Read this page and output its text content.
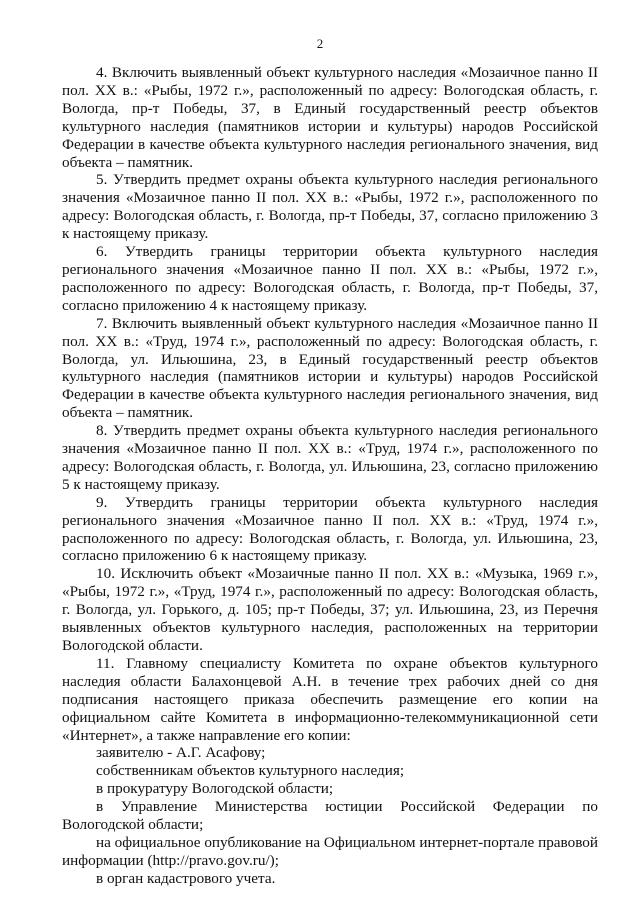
2

4. Включить выявленный объект культурного наследия «Мозаичное панно II пол. XX в.: «Рыбы, 1972 г.», расположенный по адресу: Вологодская область, г. Вологда, пр-т Победы, 37, в Единый государственный реестр объектов культурного наследия (памятников истории и культуры) народов Российской Федерации в качестве объекта культурного наследия регионального значения, вид объекта – памятник.

5. Утвердить предмет охраны объекта культурного наследия регионального значения «Мозаичное панно II пол. XX в.: «Рыбы, 1972 г.», расположенного по адресу: Вологодская область, г. Вологда, пр-т Победы, 37, согласно приложению 3 к настоящему приказу.

6. Утвердить границы территории объекта культурного наследия регионального значения «Мозаичное панно II пол. XX в.: «Рыбы, 1972 г.», расположенного по адресу: Вологодская область, г. Вологда, пр-т Победы, 37, согласно приложению 4 к настоящему приказу.

7. Включить выявленный объект культурного наследия «Мозаичное панно II пол. XX в.: «Труд, 1974 г.», расположенный по адресу: Вологодская область, г. Вологда, ул. Ильюшина, 23, в Единый государственный реестр объектов культурного наследия (памятников истории и культуры) народов Российской Федерации в качестве объекта культурного наследия регионального значения, вид объекта – памятник.

8. Утвердить предмет охраны объекта культурного наследия регионального значения «Мозаичное панно II пол. XX в.: «Труд, 1974 г.», расположенного по адресу: Вологодская область, г. Вологда, ул. Ильюшина, 23, согласно приложению 5 к настоящему приказу.

9. Утвердить границы территории объекта культурного наследия регионального значения «Мозаичное панно II пол. XX в.: «Труд, 1974 г.», расположенного по адресу: Вологодская область, г. Вологда, ул. Ильюшина, 23, согласно приложению 6 к настоящему приказу.

10. Исключить объект «Мозаичные панно II пол. XX в.: «Музыка, 1969 г.», «Рыбы, 1972 г.», «Труд, 1974 г.», расположенный по адресу: Вологодская область, г. Вологда, ул. Горького, д. 105; пр-т Победы, 37; ул. Ильюшина, 23, из Перечня выявленных объектов культурного наследия, расположенных на территории Вологодской области.

11. Главному специалисту Комитета по охране объектов культурного наследия области Балахонцевой А.Н. в течение трех рабочих дней со дня подписания настоящего приказа обеспечить размещение его копии на официальном сайте Комитета в информационно-телекоммуникационной сети «Интернет», а также направление его копии:

заявителю - А.Г. Асафову;

собственникам объектов культурного наследия;

в прокуратуру Вологодской области;

в Управление Министерства юстиции Российской Федерации по Вологодской области;

на официальное опубликование на Официальном интернет-портале правовой информации (http://pravo.gov.ru/);

в орган кадастрового учета.
